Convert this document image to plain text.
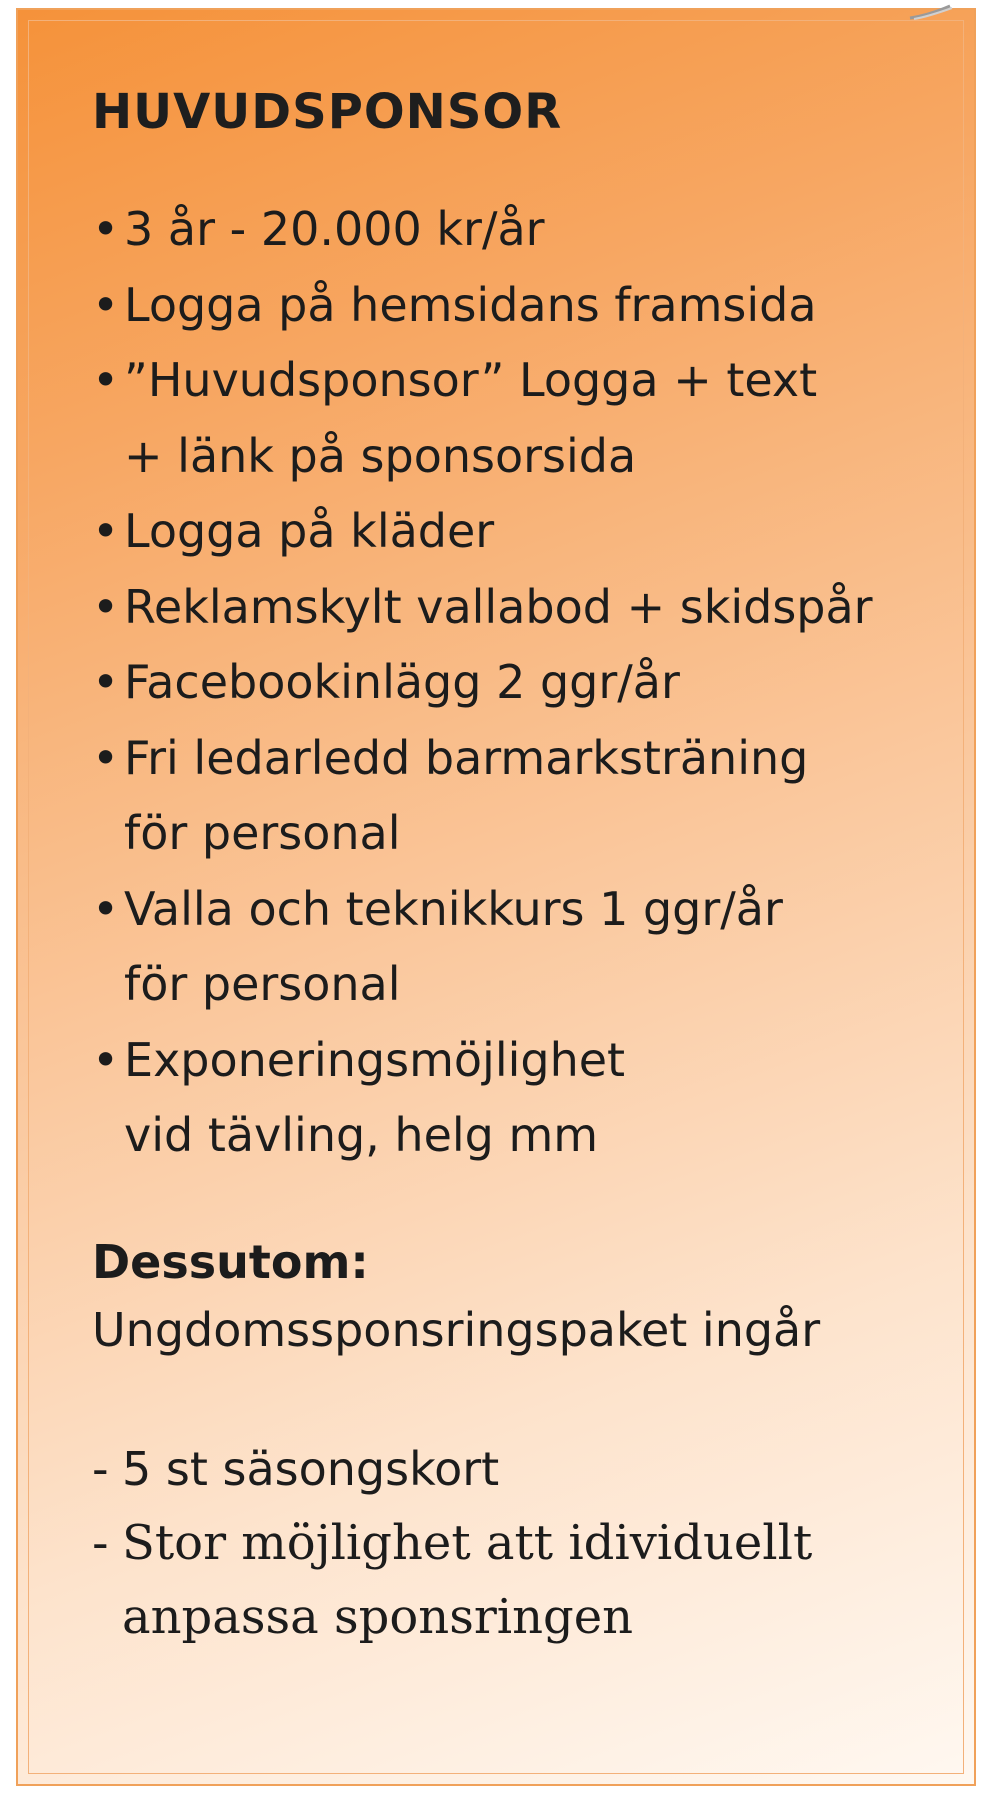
HUVUDSPONSOR
• 3 år - 20.000 kr/år
• Logga på hemsidans framsida
• ”Huvudsponsor” Logga + text
+ länk på sponsorsida
• Logga på kläder
• Reklamskylt vallabod + skidspår
• Facebookinlägg 2 ggr/år
• Fri ledarledd barmarksträning
för personal
• Valla och teknikkurs 1 ggr/år
för personal
• Exponeringsmöjlighet
vid tävling, helg mm
Dessutom:
Ungdomssponsringspaket ingår
- 5 st säsongskort
- Stor möjlighet att idividuellt
anpassa sponsringen
